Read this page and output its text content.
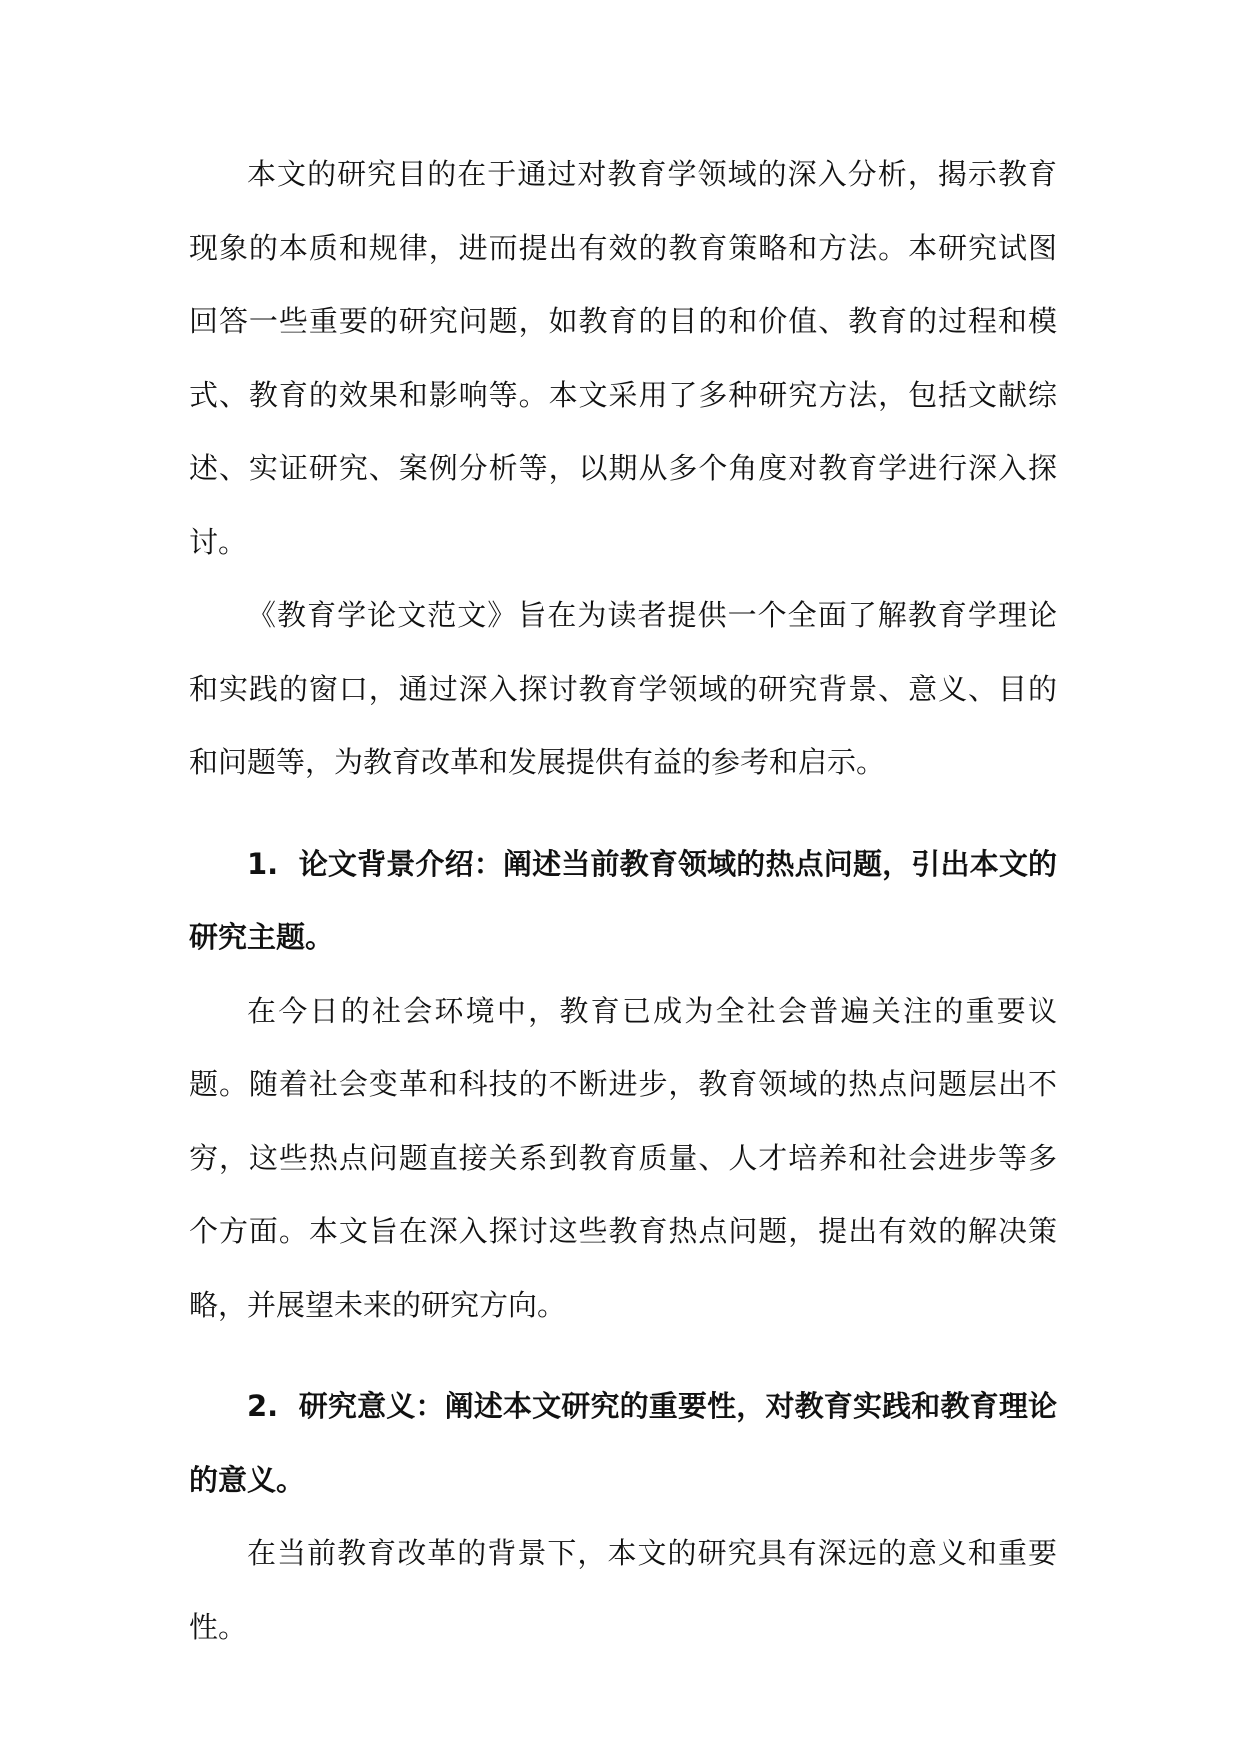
本文的研究目的在于通过对教育学领域的深入分析，揭示教育现象的本质和规律，进而提出有效的教育策略和方法。本研究试图回答一些重要的研究问题，如教育的目的和价值、教育的过程和模式、教育的效果和影响等。本文采用了多种研究方法，包括文献综述、实证研究、案例分析等，以期从多个角度对教育学进行深入探讨。

《教育学论文范文》旨在为读者提供一个全面了解教育学理论和实践的窗口，通过深入探讨教育学领域的研究背景、意义、目的和问题等，为教育改革和发展提供有益的参考和启示。

1. 论文背景介绍：阐述当前教育领域的热点问题，引出本文的研究主题。

在今日的社会环境中，教育已成为全社会普遍关注的重要议题。随着社会变革和科技的不断进步，教育领域的热点问题层出不穷，这些热点问题直接关系到教育质量、人才培养和社会进步等多个方面。本文旨在深入探讨这些教育热点问题，提出有效的解决策略，并展望未来的研究方向。

2. 研究意义：阐述本文研究的重要性，对教育实践和教育理论的意义。

在当前教育改革的背景下，本文的研究具有深远的意义和重要性。
